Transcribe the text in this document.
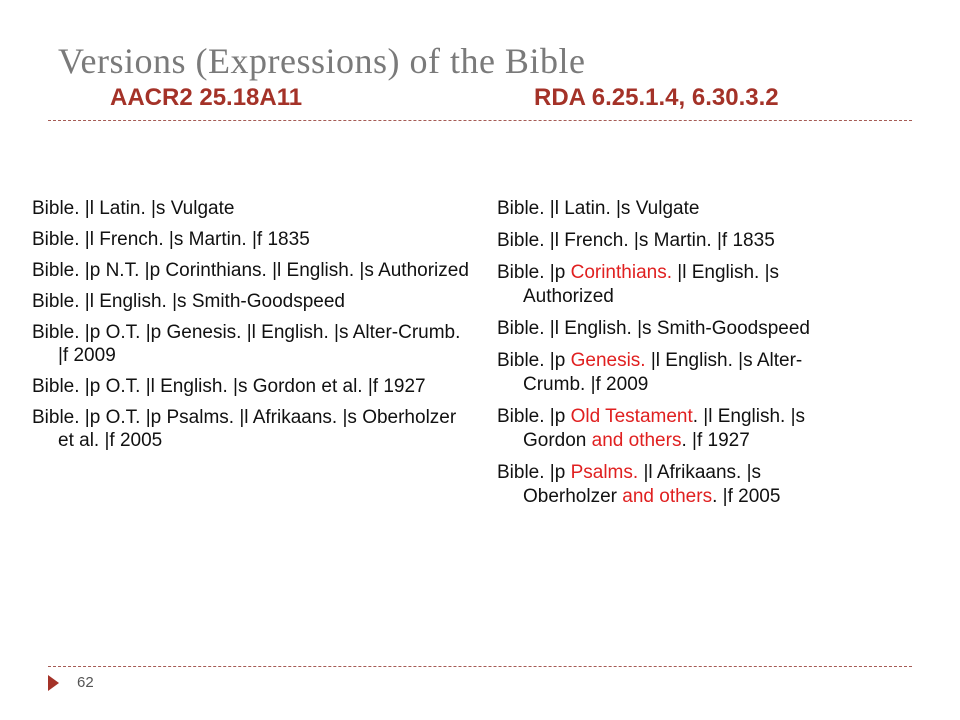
Versions (Expressions) of the Bible
AACR2 25.18A11	RDA 6.25.1.4, 6.30.3.2
Bible. |l Latin. |s Vulgate
Bible. |l French. |s Martin. |f 1835
Bible. |p N.T. |p Corinthians. |l English. |s Authorized
Bible. |l English. |s Smith-Goodspeed
Bible. |p O.T. |p Genesis. |l English. |s Alter-Crumb. |f 2009
Bible. |p O.T. |l English. |s Gordon et al. |f 1927
Bible. |p O.T. |p Psalms. |l Afrikaans. |s Oberholzer et al. |f 2005
Bible. |l Latin. |s Vulgate
Bible. |l French. |s Martin. |f 1835
Bible. |p Corinthians. |l English. |s
Authorized
Bible. |l English. |s Smith-Goodspeed
Bible. |p Genesis. |l English. |s Alter-
Crumb. |f 2009
Bible. |p Old Testament. |l English. |s
Gordon and others. |f 1927
Bible. |p Psalms. |l Afrikaans. |s
Oberholzer and others. |f 2005
62
